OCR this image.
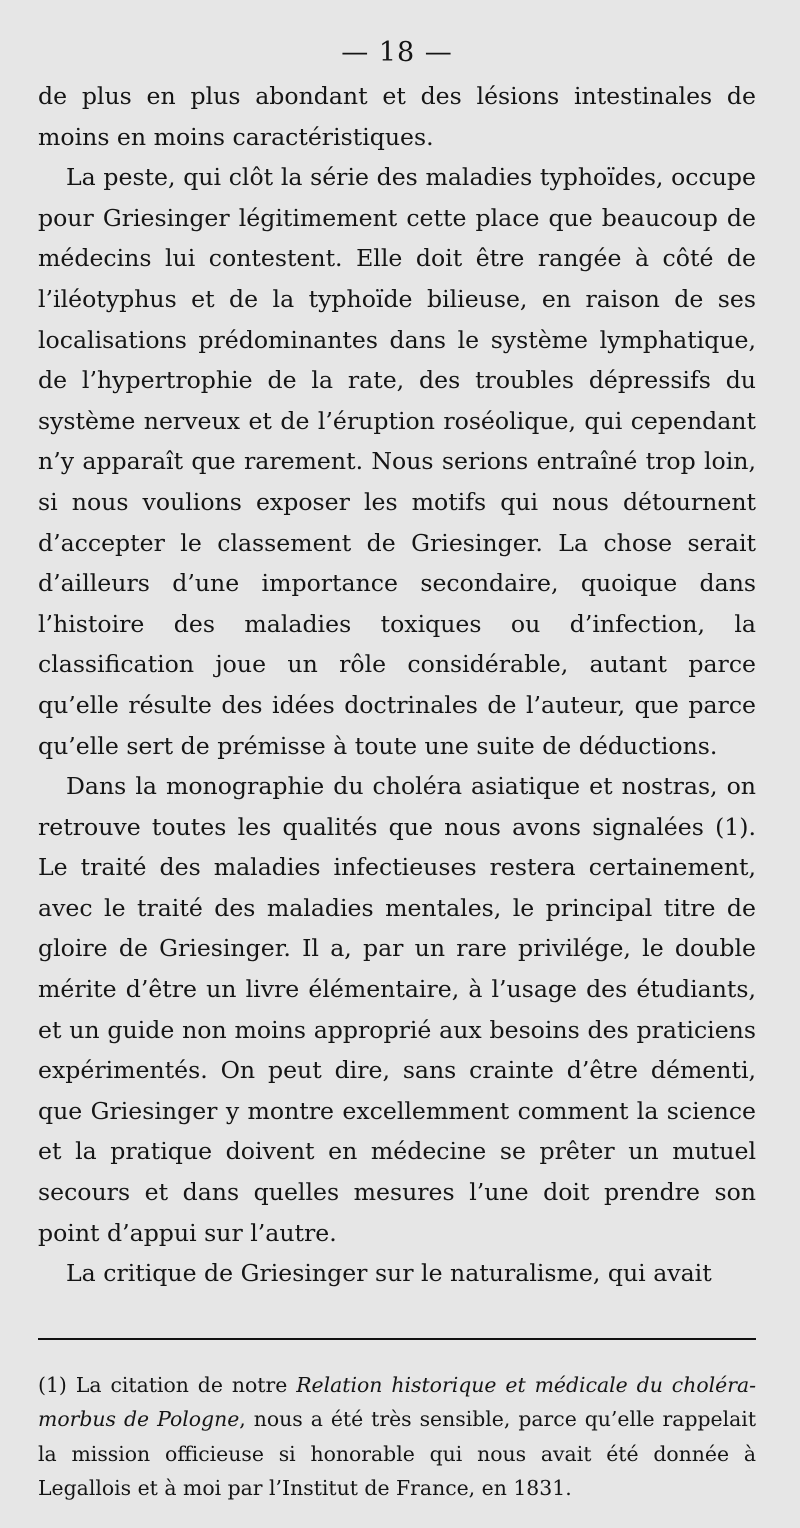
— 18 —

de plus en plus abondant et des lésions intestinales de moins en moins caractéristiques.

La peste, qui clôt la série des maladies typhoïdes, occupe pour Griesinger légitimement cette place que beaucoup de médecins lui contestent. Elle doit être rangée à côté de l’iléotyphus et de la typhoïde bilieuse, en raison de ses localisations prédominantes dans le système lymphatique, de l’hypertrophie de la rate, des troubles dépressifs du système nerveux et de l’éruption roséolique, qui cependant n’y apparaît que rarement. Nous serions entraîné trop loin, si nous voulions exposer les motifs qui nous détournent d’accepter le classement de Griesinger. La chose serait d’ailleurs d’une importance secondaire, quoique dans l’histoire des maladies toxiques ou d’infection, la classification joue un rôle considérable, autant parce qu’elle résulte des idées doctrinales de l’auteur, que parce qu’elle sert de prémisse à toute une suite de déductions.

Dans la monographie du choléra asiatique et nostras, on retrouve toutes les qualités que nous avons signalées (1). Le traité des maladies infectieuses restera certainement, avec le traité des maladies mentales, le principal titre de gloire de Griesinger. Il a, par un rare privilége, le double mérite d’être un livre élémentaire, à l’usage des étudiants, et un guide non moins approprié aux besoins des praticiens expérimentés. On peut dire, sans crainte d’être démenti, que Griesinger y montre excellemment comment la science et la pratique doivent en médecine se prêter un mutuel secours et dans quelles mesures l’une doit prendre son point d’appui sur l’autre.

La critique de Griesinger sur le naturalisme, qui avait

(1) La citation de notre Relation historique et médicale du choléra-morbus de Pologne, nous a été très sensible, parce qu’elle rappelait la mission officieuse si honorable qui nous avait été donnée à Legallois et à moi par l’Institut de France, en 1831.
